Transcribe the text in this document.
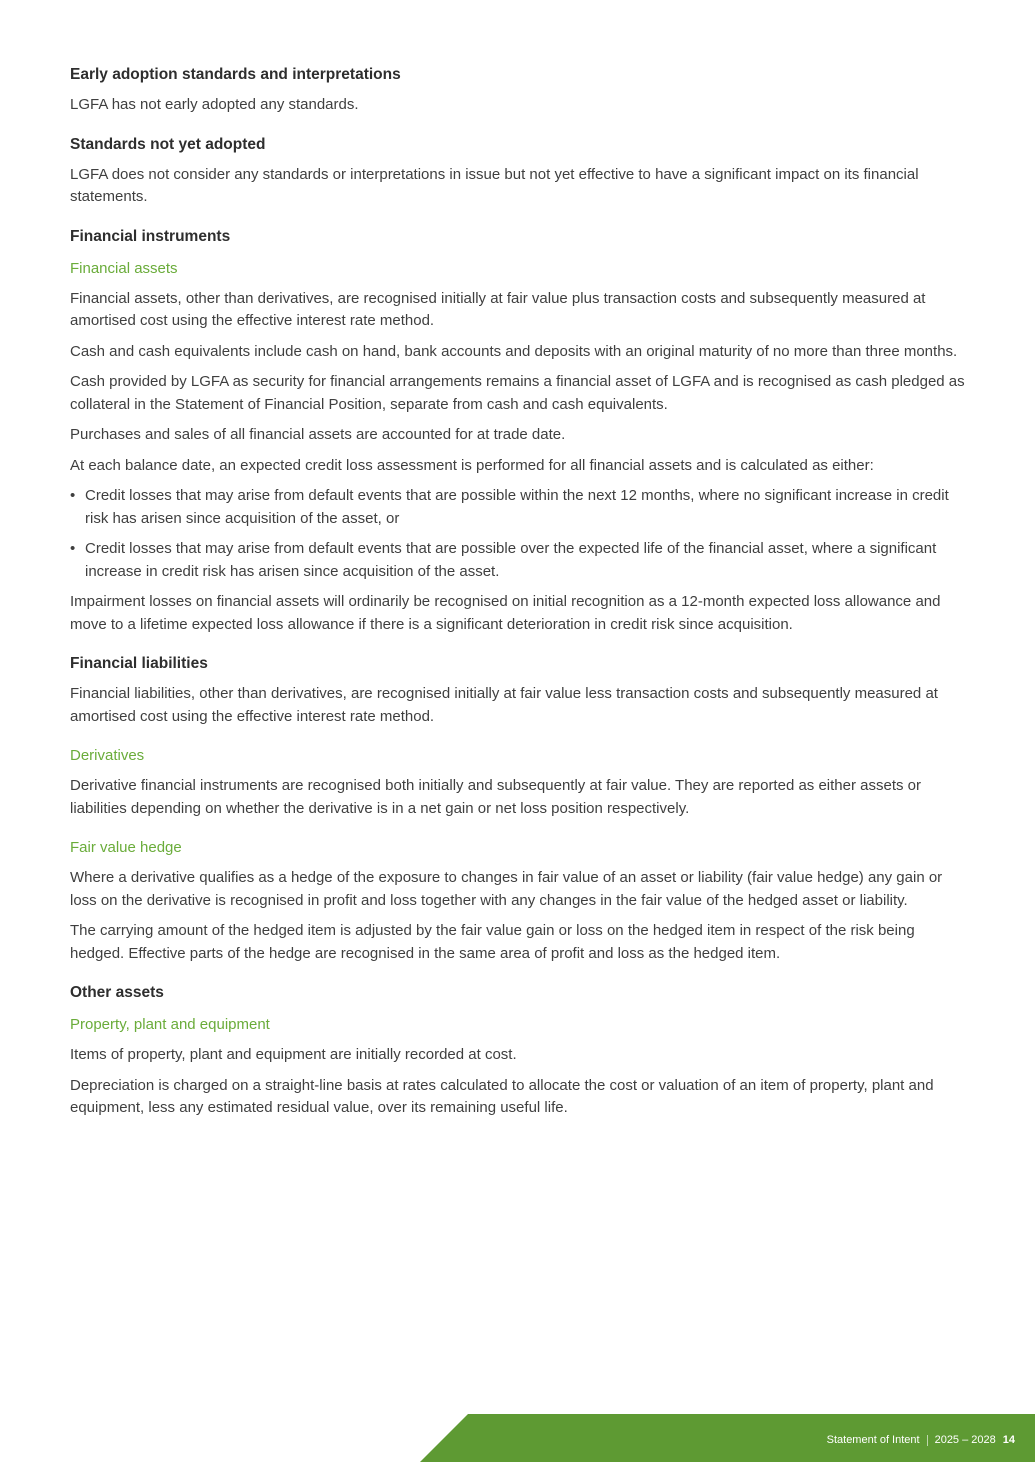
Early adoption standards and interpretations

LGFA has not early adopted any standards.

Standards not yet adopted

LGFA does not consider any standards or interpretations in issue but not yet effective to have a significant impact on its financial statements.

Financial instruments

Financial assets

Financial assets, other than derivatives, are recognised initially at fair value plus transaction costs and subsequently measured at amortised cost using the effective interest rate method.

Cash and cash equivalents include cash on hand, bank accounts and deposits with an original maturity of no more than three months.

Cash provided by LGFA as security for financial arrangements remains a financial asset of LGFA and is recognised as cash pledged as collateral in the Statement of Financial Position, separate from cash and cash equivalents.

Purchases and sales of all financial assets are accounted for at trade date.

At each balance date, an expected credit loss assessment is performed for all financial assets and is calculated as either:

• Credit losses that may arise from default events that are possible within the next 12 months, where no significant increase in credit risk has arisen since acquisition of the asset, or
• Credit losses that may arise from default events that are possible over the expected life of the financial asset, where a significant increase in credit risk has arisen since acquisition of the asset.

Impairment losses on financial assets will ordinarily be recognised on initial recognition as a 12-month expected loss allowance and move to a lifetime expected loss allowance if there is a significant deterioration in credit risk since acquisition.

Financial liabilities

Financial liabilities, other than derivatives, are recognised initially at fair value less transaction costs and subsequently measured at amortised cost using the effective interest rate method.

Derivatives

Derivative financial instruments are recognised both initially and subsequently at fair value. They are reported as either assets or liabilities depending on whether the derivative is in a net gain or net loss position respectively.

Fair value hedge

Where a derivative qualifies as a hedge of the exposure to changes in fair value of an asset or liability (fair value hedge) any gain or loss on the derivative is recognised in profit and loss together with any changes in the fair value of the hedged asset or liability.

The carrying amount of the hedged item is adjusted by the fair value gain or loss on the hedged item in respect of the risk being hedged. Effective parts of the hedge are recognised in the same area of profit and loss as the hedged item.

Other assets

Property, plant and equipment

Items of property, plant and equipment are initially recorded at cost.

Depreciation is charged on a straight-line basis at rates calculated to allocate the cost or valuation of an item of property, plant and equipment, less any estimated residual value, over its remaining useful life.

Statement of Intent 2025 – 2028 14
